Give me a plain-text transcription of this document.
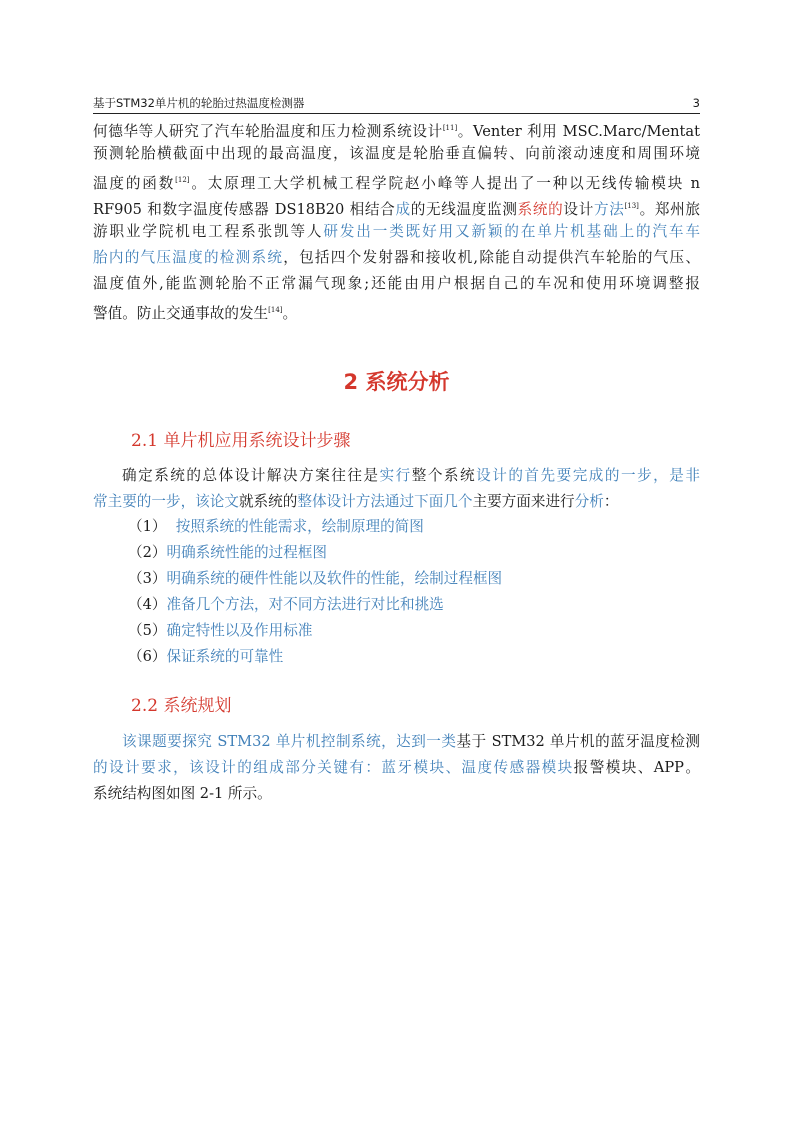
基于STM32单片机的轮胎过热温度检测器	3
何德华等人研究了汽车轮胎温度和压力检测系统设计[11]。Venter 利用 MSC.Marc/Mentat
预测轮胎横截面中出现的最高温度，该温度是轮胎垂直偏转、向前滚动速度和周围环境
温度的函数[12]。太原理工大学机械工程学院赵小峰等人提出了一种以无线传输模块 n
RF905 和数字温度传感器 DS18B20 相结合成的无线温度监测系统的设计方法[13]。郑州旅
游职业学院机电工程系张凯等人研发出一类既好用又新颖的在单片机基础上的汽车车
胎内的气压温度的检测系统，包括四个发射器和接收机,除能自动提供汽车轮胎的气压、
温度值外,能监测轮胎不正常漏气现象;还能由用户根据自己的车况和使用环境调整报
警值。防止交通事故的发生[14]。
2 系统分析
2.1 单片机应用系统设计步骤
确定系统的总体设计解决方案往往是实行整个系统设计的首先要完成的一步，是非
常主要的一步，该论文就系统的整体设计方法通过下面几个主要方面来进行分析：
（1）  按照系统的性能需求，绘制原理的简图
（2）明确系统性能的过程框图
（3）明确系统的硬件性能以及软件的性能，绘制过程框图
（4）准备几个方法，对不同方法进行对比和挑选
（5）确定特性以及作用标准
（6）保证系统的可靠性
2.2 系统规划
该课题要探究 STM32 单片机控制系统，达到一类基于 STM32 单片机的蓝牙温度检测
的设计要求，该设计的组成部分关键有：蓝牙模块、温度传感器模块报警模块、APP。
系统结构图如图 2-1 所示。
